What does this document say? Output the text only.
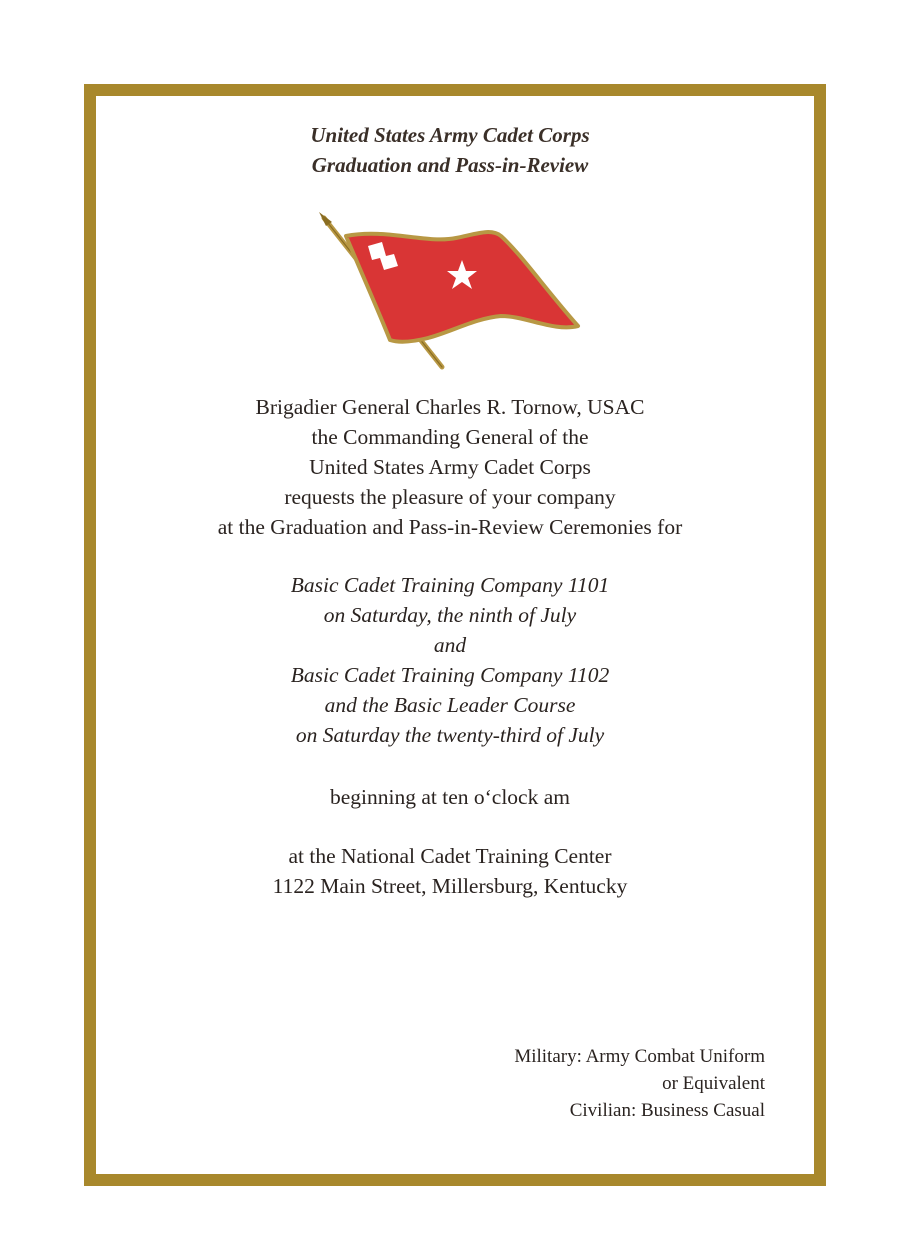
United States Army Cadet Corps
Graduation and Pass-in-Review
Brigadier General Charles R. Tornow, USAC
the Commanding General of the
United States Army Cadet Corps
requests the pleasure of your company
at the Graduation and Pass-in-Review Ceremonies for
Basic Cadet Training Company 1101
on Saturday, the ninth of July
and
Basic Cadet Training Company 1102
and the Basic Leader Course
on Saturday the twenty-third of July
beginning at ten o‘clock am
at the National Cadet Training Center
1122 Main Street, Millersburg, Kentucky
Military: Army Combat Uniform
or Equivalent
Civilian: Business Casual
